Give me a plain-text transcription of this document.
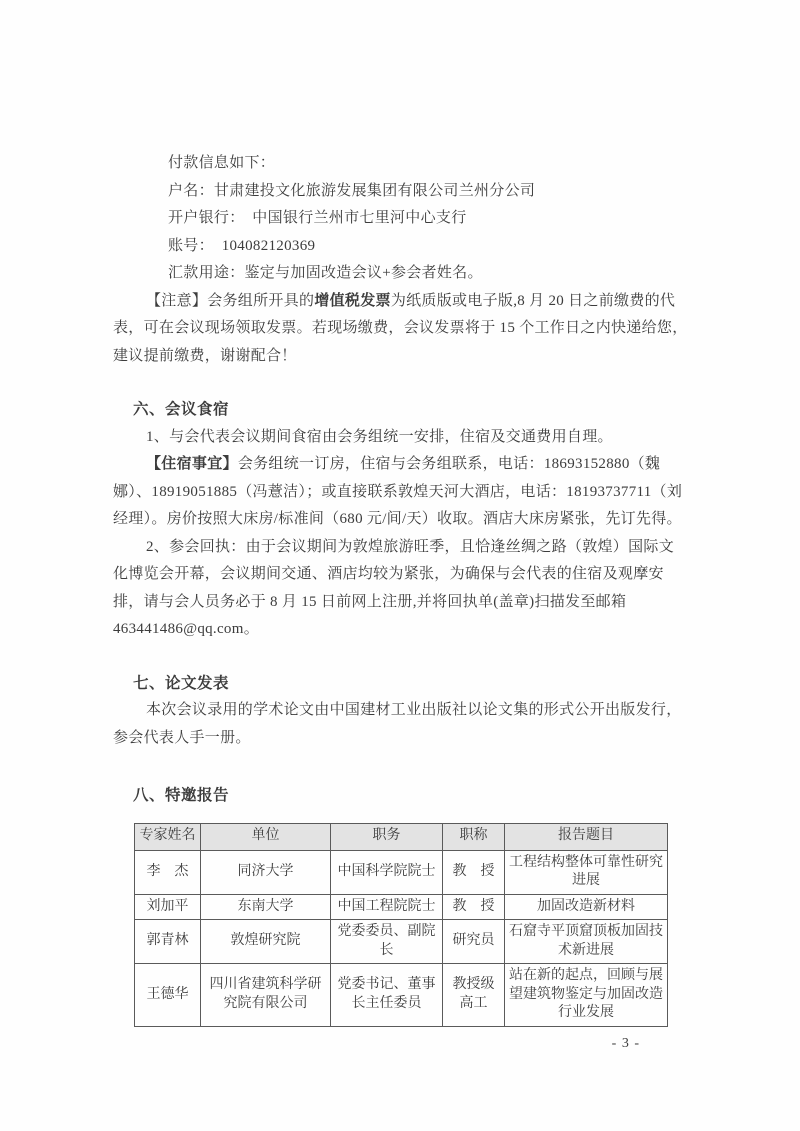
付款信息如下：

户名：甘肃建投文化旅游发展集团有限公司兰州分公司

开户银行：　中国银行兰州市七里河中心支行

账号：　104082120369

汇款用途：鉴定与加固改造会议+参会者姓名。

【注意】会务组所开具的增值税发票为纸质版或电子版,8 月 20 日之前缴费的代表，可在会议现场领取发票。若现场缴费，会议发票将于 15 个工作日之内快递给您，建议提前缴费，谢谢配合！

六、会议食宿

1、与会代表会议期间食宿由会务组统一安排，住宿及交通费用自理。

【住宿事宜】会务组统一订房，住宿与会务组联系，电话：18693152880（魏娜）、18919051885（冯薏洁）；或直接联系敦煌天河大酒店，电话：18193737711（刘经理）。房价按照大床房/标准间（680 元/间/天）收取。酒店大床房紧张，先订先得。

2、参会回执：由于会议期间为敦煌旅游旺季，且恰逢丝绸之路（敦煌）国际文化博览会开幕，会议期间交通、酒店均较为紧张，为确保与会代表的住宿及观摩安排，请与会人员务必于 8 月 15 日前网上注册,并将回执单(盖章)扫描发至邮箱 463441486@qq.com。

七、论文发表

本次会议录用的学术论文由中国建材工业出版社以论文集的形式公开出版发行，参会代表人手一册。

八、特邀报告
专家姓名	单位	职务	职称	报告题目
李　杰	同济大学	中国科学院院士	教　授	工程结构整体可靠性研究进展
刘加平	东南大学	中国工程院院士	教　授	加固改造新材料
郭青林	敦煌研究院	党委委员、副院长	研究员	石窟寺平顶窟顶板加固技术新进展
王德华	四川省建筑科学研究院有限公司	党委书记、董事长主任委员	教授级高工	站在新的起点，回顾与展望建筑物鉴定与加固改造行业发展
- 3 -
